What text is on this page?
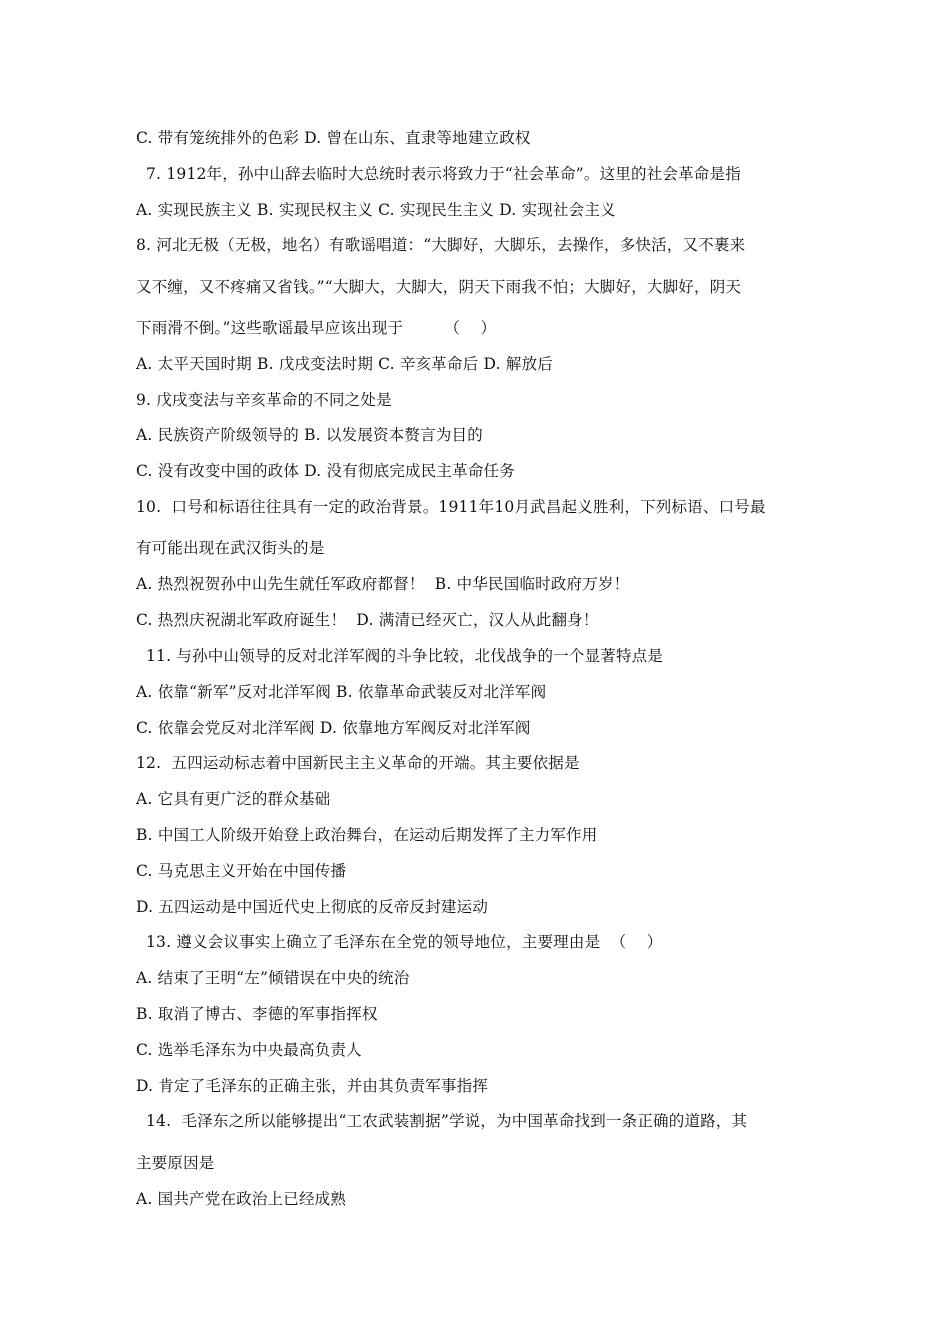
C. 带有笼统排外的色彩 D. 曾在山东、直隶等地建立政权
7. 1912年，孙中山辞去临时大总统时表示将致力于“社会革命”。这里的社会革命是指
A. 实现民族主义 B. 实现民权主义 C. 实现民生主义 D. 实现社会主义
8. 河北无极（无极，地名）有歌谣唱道：“大脚好，大脚乐，去操作，多快活，又不裹来
又不缠，又不疼痛又省钱。”“大脚大，大脚大，阴天下雨我不怕；大脚好，大脚好，阴天
下雨滑不倒。”这些歌谣最早应该出现于        （    ）
A. 太平天国时期 B. 戊戌变法时期 C. 辛亥革命后 D. 解放后
9. 戊戌变法与辛亥革命的不同之处是
A. 民族资产阶级领导的 B. 以发展资本赘言为目的
C. 没有改变中国的政体 D. 没有彻底完成民主革命任务
10.  口号和标语往往具有一定的政治背景。1911年10月武昌起义胜利，下列标语、口号最
有可能出现在武汉街头的是
A. 热烈祝贺孙中山先生就任军政府都督！  B. 中华民国临时政府万岁！
C. 热烈庆祝湖北军政府诞生！  D. 满清已经灭亡，汉人从此翻身！
11. 与孙中山领导的反对北洋军阀的斗争比较，北伐战争的一个显著特点是
A. 依靠“新军”反对北洋军阀 B. 依靠革命武装反对北洋军阀
C. 依靠会党反对北洋军阀 D. 依靠地方军阀反对北洋军阀
12.  五四运动标志着中国新民主主义革命的开端。其主要依据是
A. 它具有更广泛的群众基础
B. 中国工人阶级开始登上政治舞台，在运动后期发挥了主力军作用
C. 马克思主义开始在中国传播
D. 五四运动是中国近代史上彻底的反帝反封建运动
13. 遵义会议事实上确立了毛泽东在全党的领导地位，主要理由是  （    ）
A. 结束了王明“左”倾错误在中央的统治
B. 取消了博古、李德的军事指挥权
C. 选举毛泽东为中央最高负责人
D. 肯定了毛泽东的正确主张，并由其负责军事指挥
14.  毛泽东之所以能够提出“工农武装割据”学说，为中国革命找到一条正确的道路，其
主要原因是
A. 国共产党在政治上已经成熟
